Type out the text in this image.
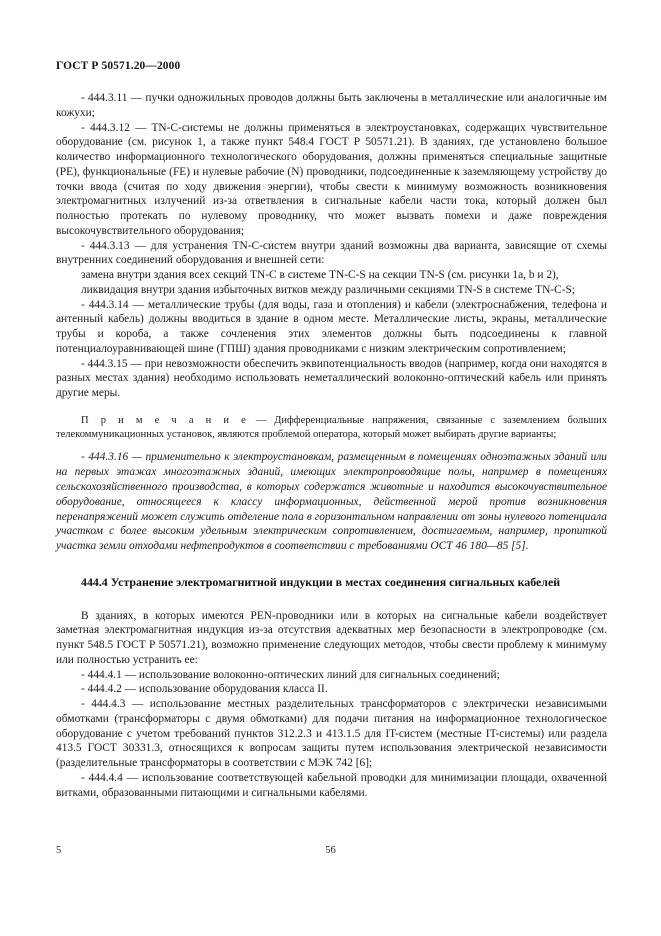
ГОСТ Р 50571.20—2000

- 444.3.11 — пучки одножильных проводов должны быть заключены в металлические или аналогичные им кожухи;

- 444.3.12 — TN-C-системы не должны применяться в электроустановках, содержащих чувствительное оборудование (см. рисунок 1, а также пункт 548.4 ГОСТ Р 50571.21). В зданиях, где установлено большое количество информационного технологического оборудования, должны применяться специальные защитные (PE), функциональные (FE) и нулевые рабочие (N) проводники, подсоединенные к заземляющему устройству до точки ввода (считая по ходу движения энергии), чтобы свести к минимуму возможность возникновения электромагнитных излучений из-за ответвления в сигнальные кабели части тока, который должен был полностью протекать по нулевому проводнику, что может вызвать помехи и даже повреждения высокочувствительного оборудования;

- 444.3.13 — для устранения TN-C-систем внутри зданий возможны два варианта, зависящие от схемы внутренних соединений оборудования и внешней сети:

замена внутри здания всех секций TN-C в системе TN-C-S на секции TN-S (см. рисунки 1a, b и 2),

ликвидация внутри здания избыточных витков между различными секциями TN-S в системе TN-C-S;

- 444.3.14 — металлические трубы (для воды, газа и отопления) и кабели (электроснабжения, телефона и антенный кабель) должны вводиться в здание в одном месте. Металлические листы, экраны, металлические трубы и короба, а также сочленения этих элементов должны быть подсоединены к главной потенциалоуравнивающей шине (ГПШ) здания проводниками с низким электрическим сопротивлением;

- 444.3.15 — при невозможности обеспечить эквипотенциальность вводов (например, когда они находятся в разных местах здания) необходимо использовать неметаллический волоконно-оптический кабель или принять другие меры.

П р и м е ч а н и е — Дифференциальные напряжения, связанные с заземлением больших телекоммуникационных установок, являются проблемой оператора, который может выбирать другие варианты;

- 444.3.16 — применительно к электроустановкам, размещенным в помещениях одноэтажных зданий или на первых этажах многоэтажных зданий, имеющих электропроводящие полы, например в помещениях сельскохозяйственного производства, в которых содержатся животные и находится высокочувствительное оборудование, относящееся к классу информационных, действенной мерой против возникновения перенапряжений может служить отделение пола в горизонтальном направлении от зоны нулевого потенциала участком с более высоким удельным электрическим сопротивлением, достигаемым, например, пропиткой участка земли отходами нефтепродуктов в соответствии с требованиями ОСТ 46 180—85 [5].

444.4 Устранение электромагнитной индукции в местах соединения сигнальных кабелей

В зданиях, в которых имеются PEN-проводники или в которых на сигнальные кабели воздействует заметная электромагнитная индукция из-за отсутствия адекватных мер безопасности в электропроводке (см. пункт 548.5 ГОСТ Р 50571.21), возможно применение следующих методов, чтобы свести проблему к минимуму или полностью устранить ее:

- 444.4.1 — использование волоконно-оптических линий для сигнальных соединений;

- 444.4.2 — использование оборудования класса II.

- 444.4.3 — использование местных разделительных трансформаторов с электрически независимыми обмотками (трансформаторы с двумя обмотками) для подачи питания на информационное технологическое оборудование с учетом требований пунктов 312.2.3 и 413.1.5 для IT-систем (местные IT-системы) или раздела 413.5 ГОСТ 30331.3, относящихся к вопросам защиты путем использования электрической независимости (разделительные трансформаторы в соответствии с МЭК 742 [6];

- 444.4.4 — использование соответствующей кабельной проводки для минимизации площади, охваченной витками, образованными питающими и сигнальными кабелями.

5	56
